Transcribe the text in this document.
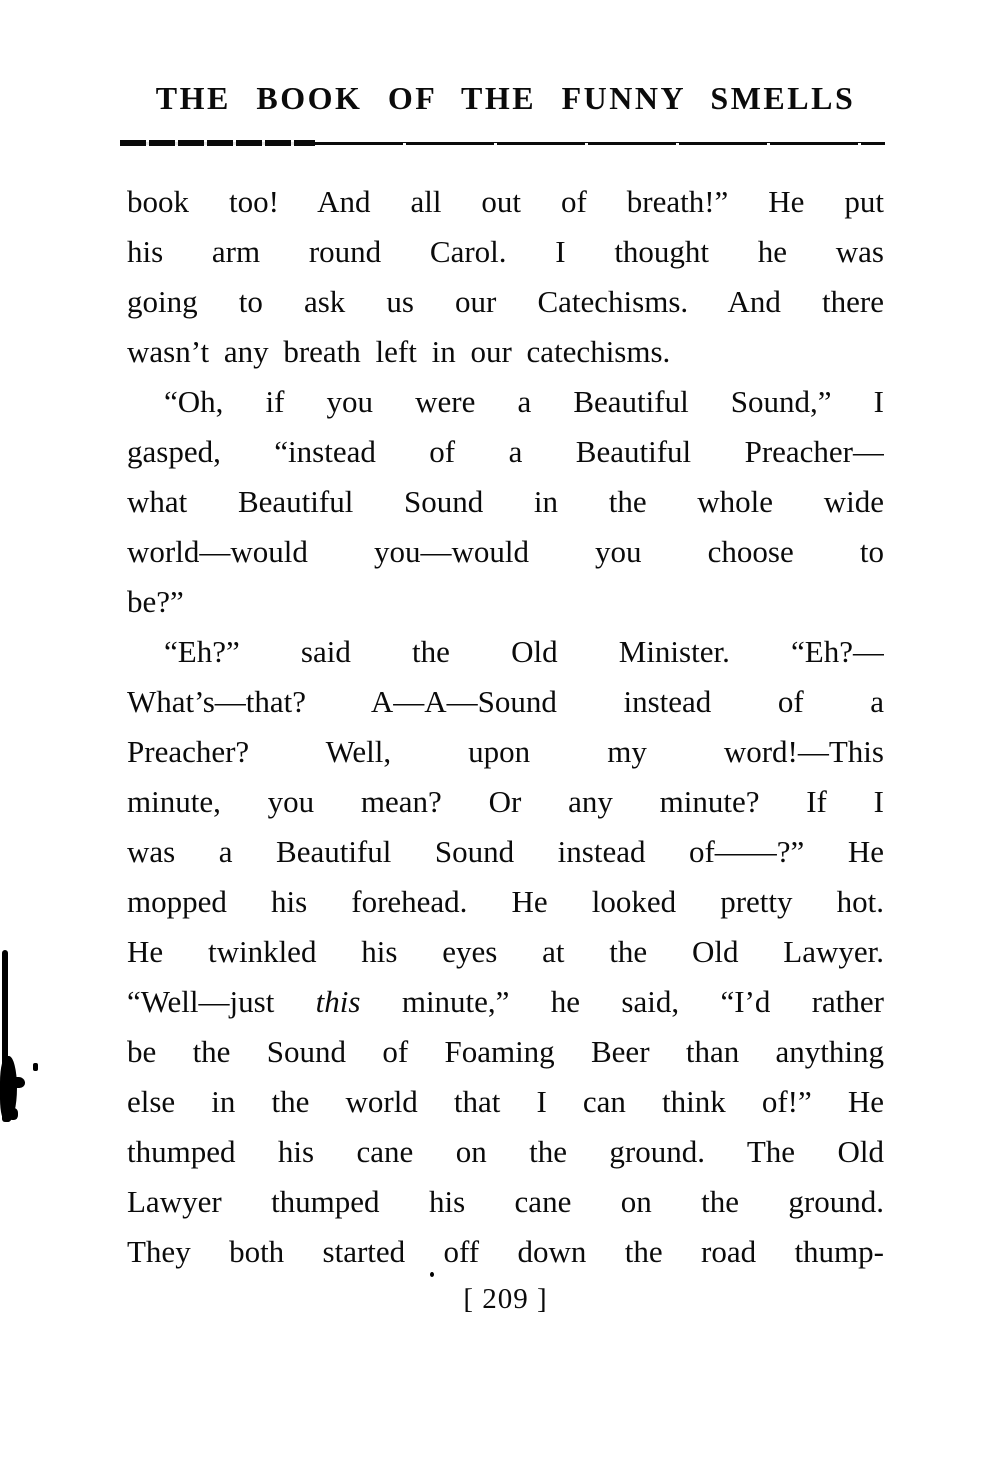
THE BOOK OF THE FUNNY SMELLS
book too! And all out of breath!” He put
his arm round Carol. I thought he was
going to ask us our Catechisms. And there
wasn’t any breath left in our catechisms.
“Oh, if you were a Beautiful Sound,” I
gasped, “instead of a Beautiful Preacher—
what Beautiful Sound in the whole wide
world—would you—would you choose to
be?”
“Eh?” said the Old Minister. “Eh?—
What’s—that? A—A—Sound instead of a
Preacher? Well, upon my word!—This
minute, you mean? Or any minute? If I
was a Beautiful Sound instead of——?” He
mopped his forehead. He looked pretty hot.
He twinkled his eyes at the Old Lawyer.
“Well—just this minute,” he said, “I’d rather
be the Sound of Foaming Beer than anything
else in the world that I can think of!” He
thumped his cane on the ground. The Old
Lawyer thumped his cane on the ground.
They both started off down the road thump-
[ 209 ]
